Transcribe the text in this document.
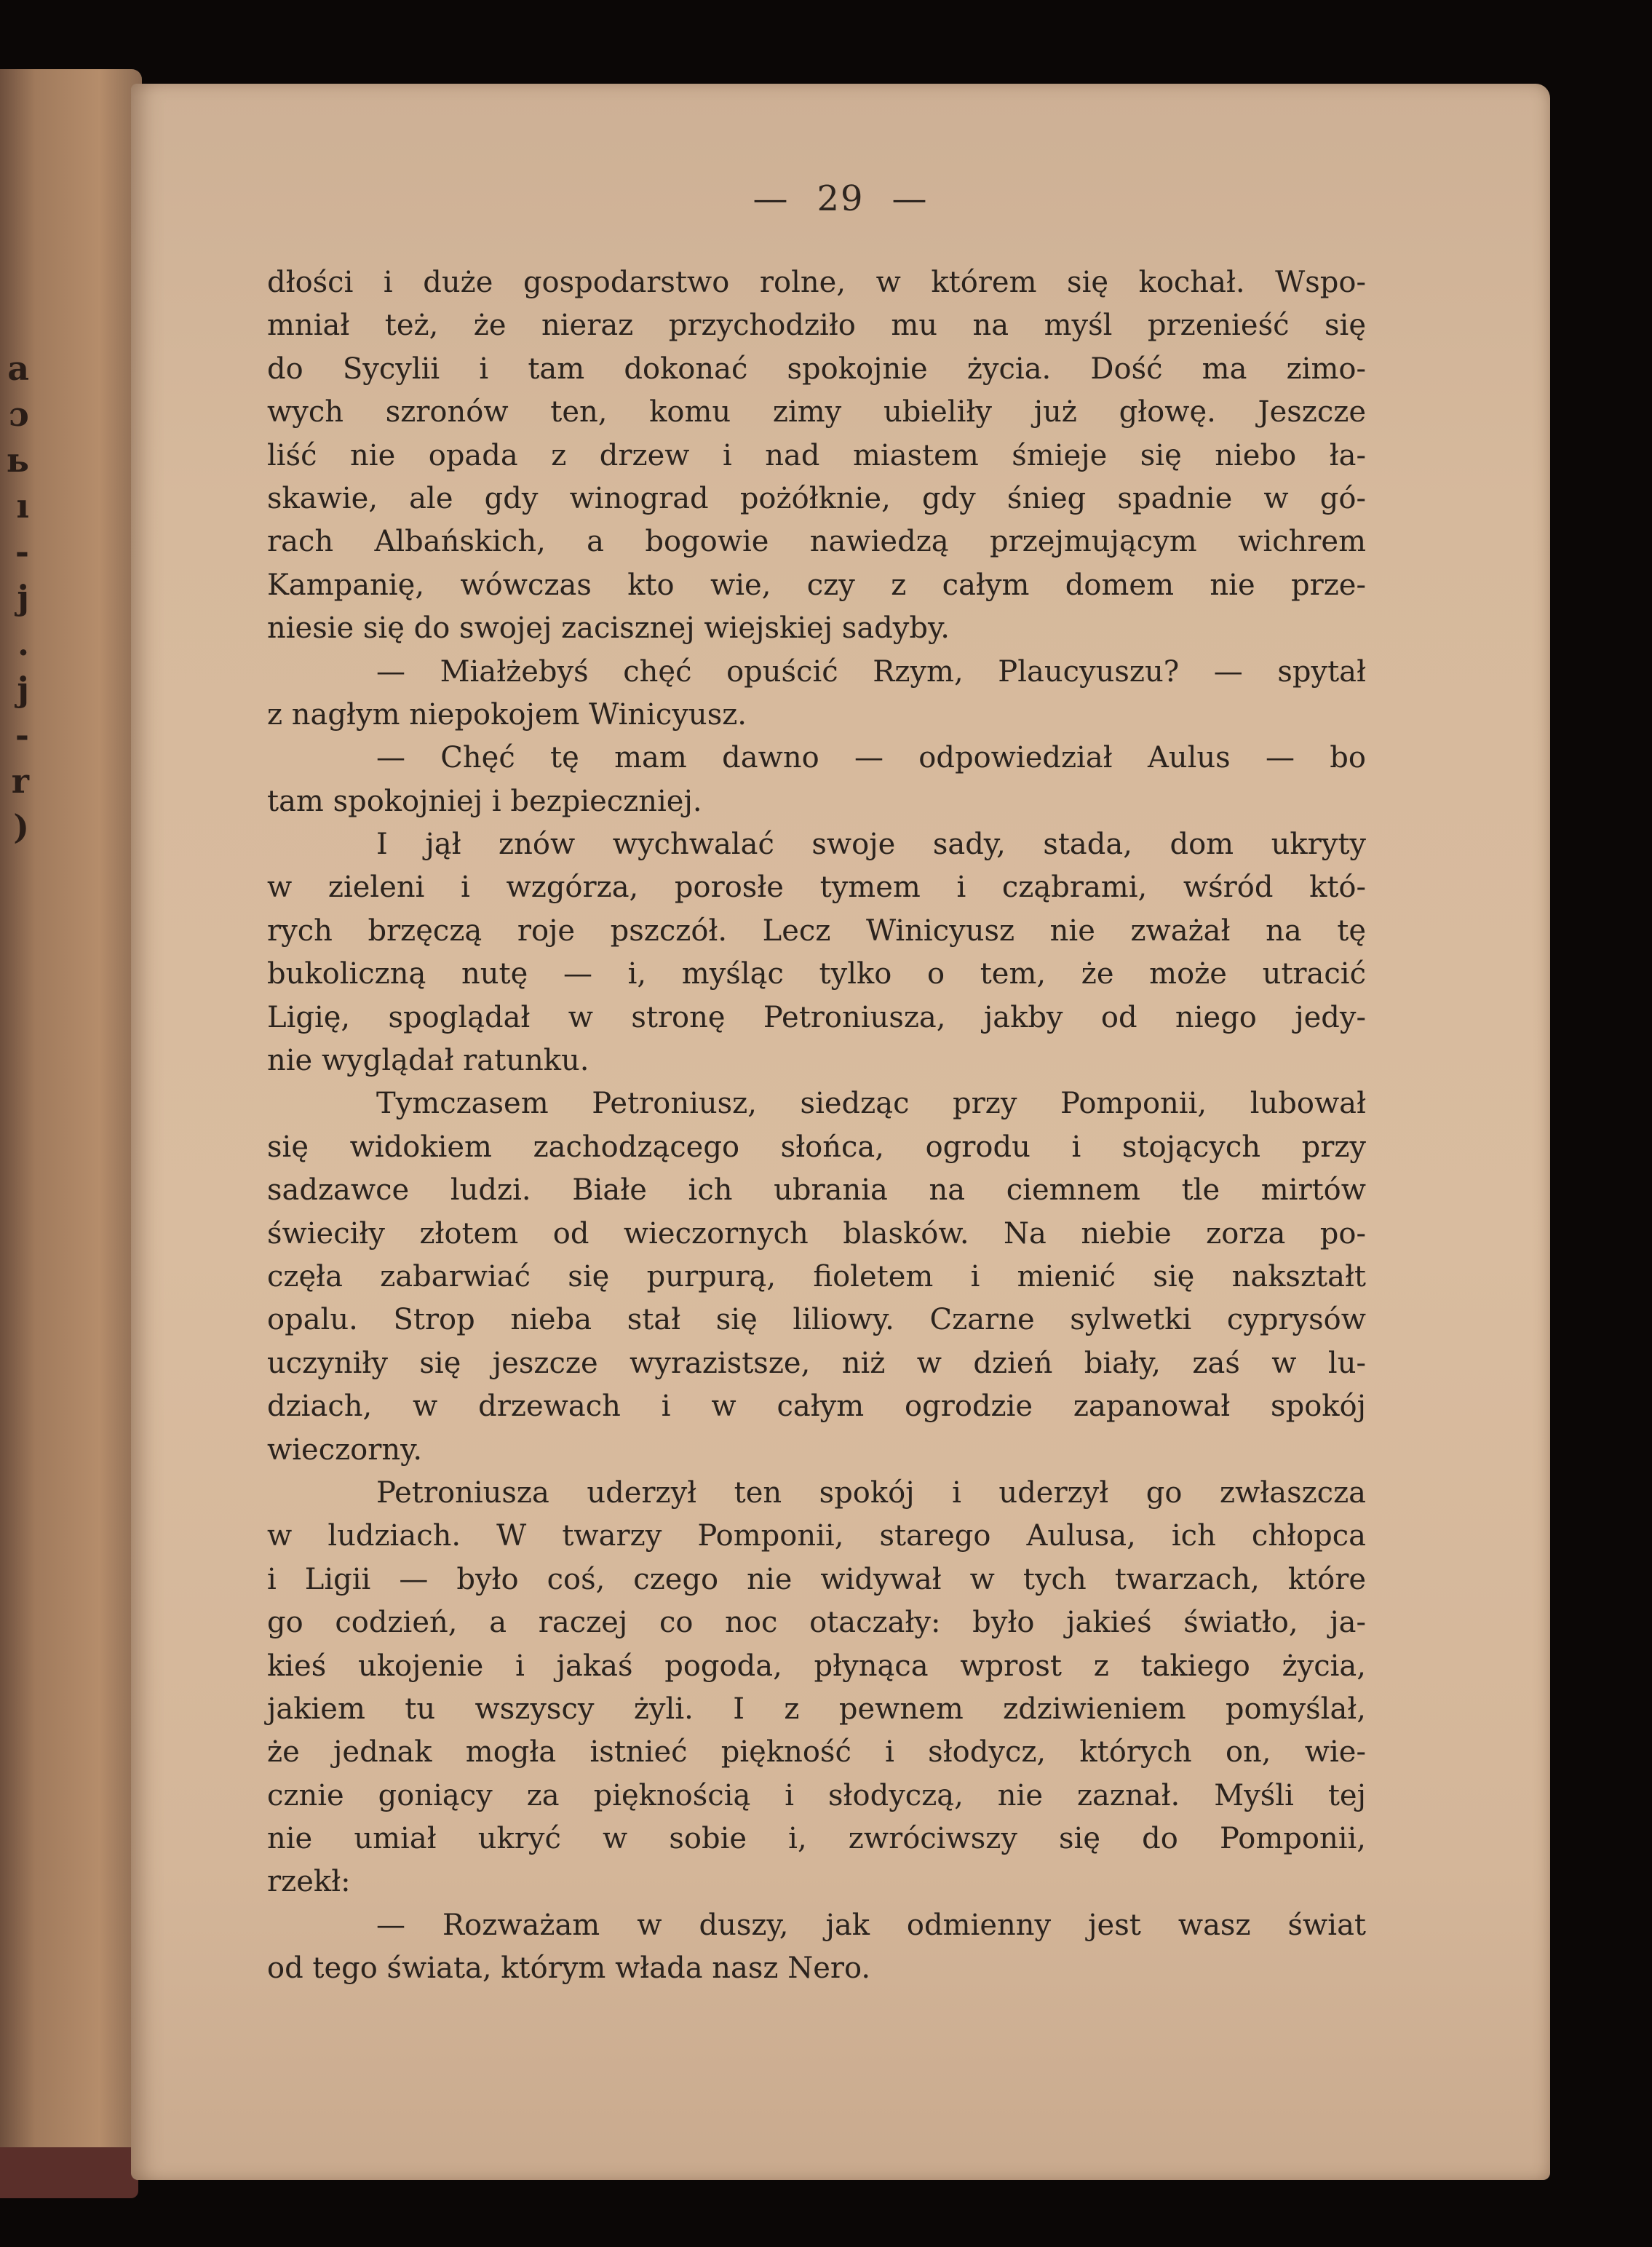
a
ɔ
ь
ı
-
j
.
j
-
r
)
— 29 —
dłości i duże gospodarstwo rolne, w którem się kochał. Wspo-
mniał też, że nieraz przychodziło mu na myśl przenieść się
do Sycylii i tam dokonać spokojnie życia. Dość ma zimo-
wych szronów ten, komu zimy ubieliły już głowę. Jeszcze
liść nie opada z drzew i nad miastem śmieje się niebo ła-
skawie, ale gdy winograd pożółknie, gdy śnieg spadnie w gó-
rach Albańskich, a bogowie nawiedzą przejmującym wichrem
Kampanię, wówczas kto wie, czy z całym domem nie prze-
niesie się do swojej zacisznej wiejskiej sadyby.
— Miałżebyś chęć opuścić Rzym, Plaucyuszu? — spytał
z nagłym niepokojem Winicyusz.
— Chęć tę mam dawno — odpowiedział Aulus — bo
tam spokojniej i bezpieczniej.
I jął znów wychwalać swoje sady, stada, dom ukryty
w zieleni i wzgórza, porosłe tymem i cząbrami, wśród któ-
rych brzęczą roje pszczół. Lecz Winicyusz nie zważał na tę
bukoliczną nutę — i, myśląc tylko o tem, że może utracić
Ligię, spoglądał w stronę Petroniusza, jakby od niego jedy-
nie wyglądał ratunku.
Tymczasem Petroniusz, siedząc przy Pomponii, lubował
się widokiem zachodzącego słońca, ogrodu i stojących przy
sadzawce ludzi. Białe ich ubrania na ciemnem tle mirtów
świeciły złotem od wieczornych blasków. Na niebie zorza po-
częła zabarwiać się purpurą, fioletem i mienić się nakształt
opalu. Strop nieba stał się liliowy. Czarne sylwetki cyprysów
uczyniły się jeszcze wyrazistsze, niż w dzień biały, zaś w lu-
dziach, w drzewach i w całym ogrodzie zapanował spokój
wieczorny.
Petroniusza uderzył ten spokój i uderzył go zwłaszcza
w ludziach. W twarzy Pomponii, starego Aulusa, ich chłopca
i Ligii — było coś, czego nie widywał w tych twarzach, które
go codzień, a raczej co noc otaczały: było jakieś światło, ja-
kieś ukojenie i jakaś pogoda, płynąca wprost z takiego życia,
jakiem tu wszyscy żyli. I z pewnem zdziwieniem pomyślał,
że jednak mogła istnieć piękność i słodycz, których on, wie-
cznie goniący za pięknością i słodyczą, nie zaznał. Myśli tej
nie umiał ukryć w sobie i, zwróciwszy się do Pomponii,
rzekł:
— Rozważam w duszy, jak odmienny jest wasz świat
od tego świata, którym włada nasz Nero.
